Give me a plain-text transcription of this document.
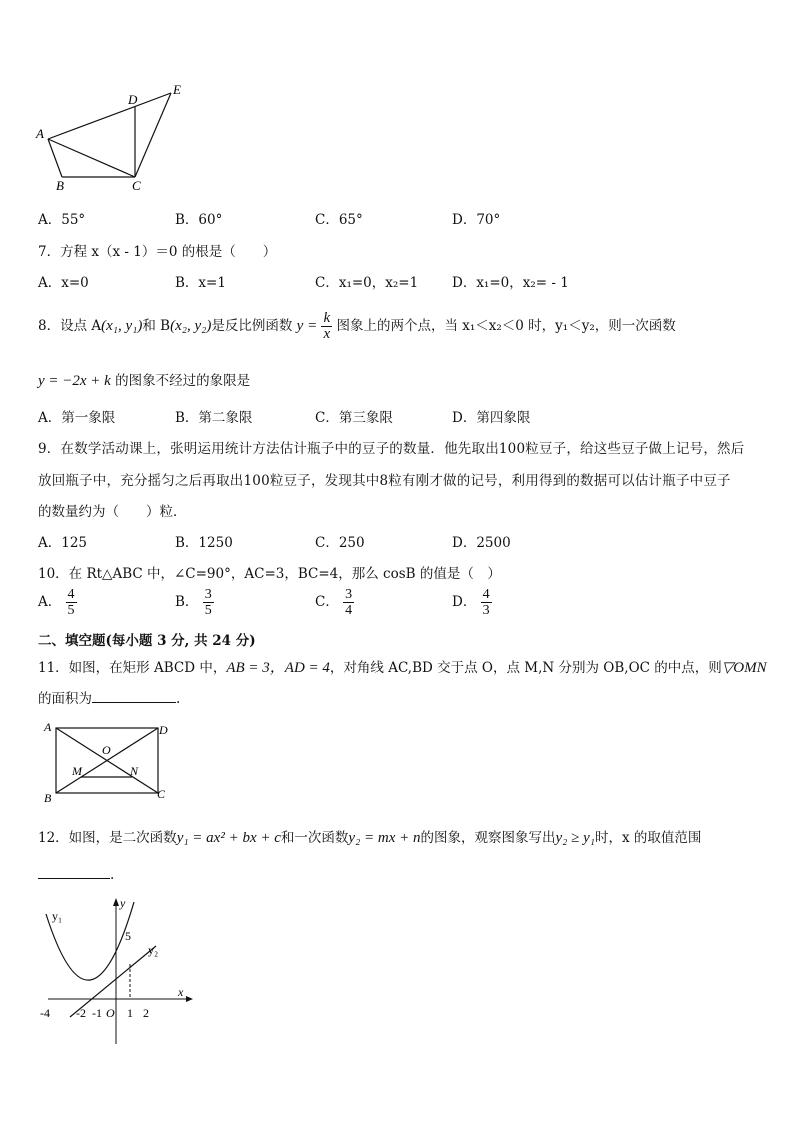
A
B	C
D
E
A．55°	B．60°	C．65°	D．70°
7．方程 x（x - 1）＝0 的根是（　　）
A．x=0	B．x=1	C．x₁=0，x₂=1	D．x₁=0，x₂= - 1
8．设点 A(x₁, y₁)和 B(x₂, y₂)是反比例函数 $y = \frac{k}{x}$ 图象上的两个点，当 x₁＜x₂＜0 时，y₁＜y₂，则一次函数
y = −2x + k 的图象不经过的象限是
A．第一象限	B．第二象限	C．第三象限	D．第四象限
9．在数学活动课上，张明运用统计方法估计瓶子中的豆子的数量．他先取出100粒豆子，给这些豆子做上记号，然后
放回瓶子中，充分摇匀之后再取出100粒豆子，发现其中8粒有刚才做的记号，利用得到的数据可以估计瓶子中豆子
的数量约为（　　）粒．
A．125	B．1250	C．250	D．2500
10．在 Rt△ABC 中，∠C=90°，AC=3，BC=4，那么 cosB 的值是（　）
A． $\frac{4}{5}$	B． $\frac{3}{5}$	C． $\frac{3}{4}$	D． $\frac{4}{3}$
二、填空题(每小题 3 分, 共 24 分)
11．如图，在矩形 ABCD 中，AB = 3，AD = 4，对角线 AC,BD 交于点 O，点 M,N 分别为 OB,OC 的中点，则▽OMN
的面积为	.
A	D
B	C
O
M	N
12．如图，是二次函数y₁ = ax² + bx + c和一次函数y₂ = mx + n的图象，观察图象写出y₂ ≥ y₁时，x 的取值范围
.
y₁
y₂
y
x
5
-4 -2 -1 O 1 2
